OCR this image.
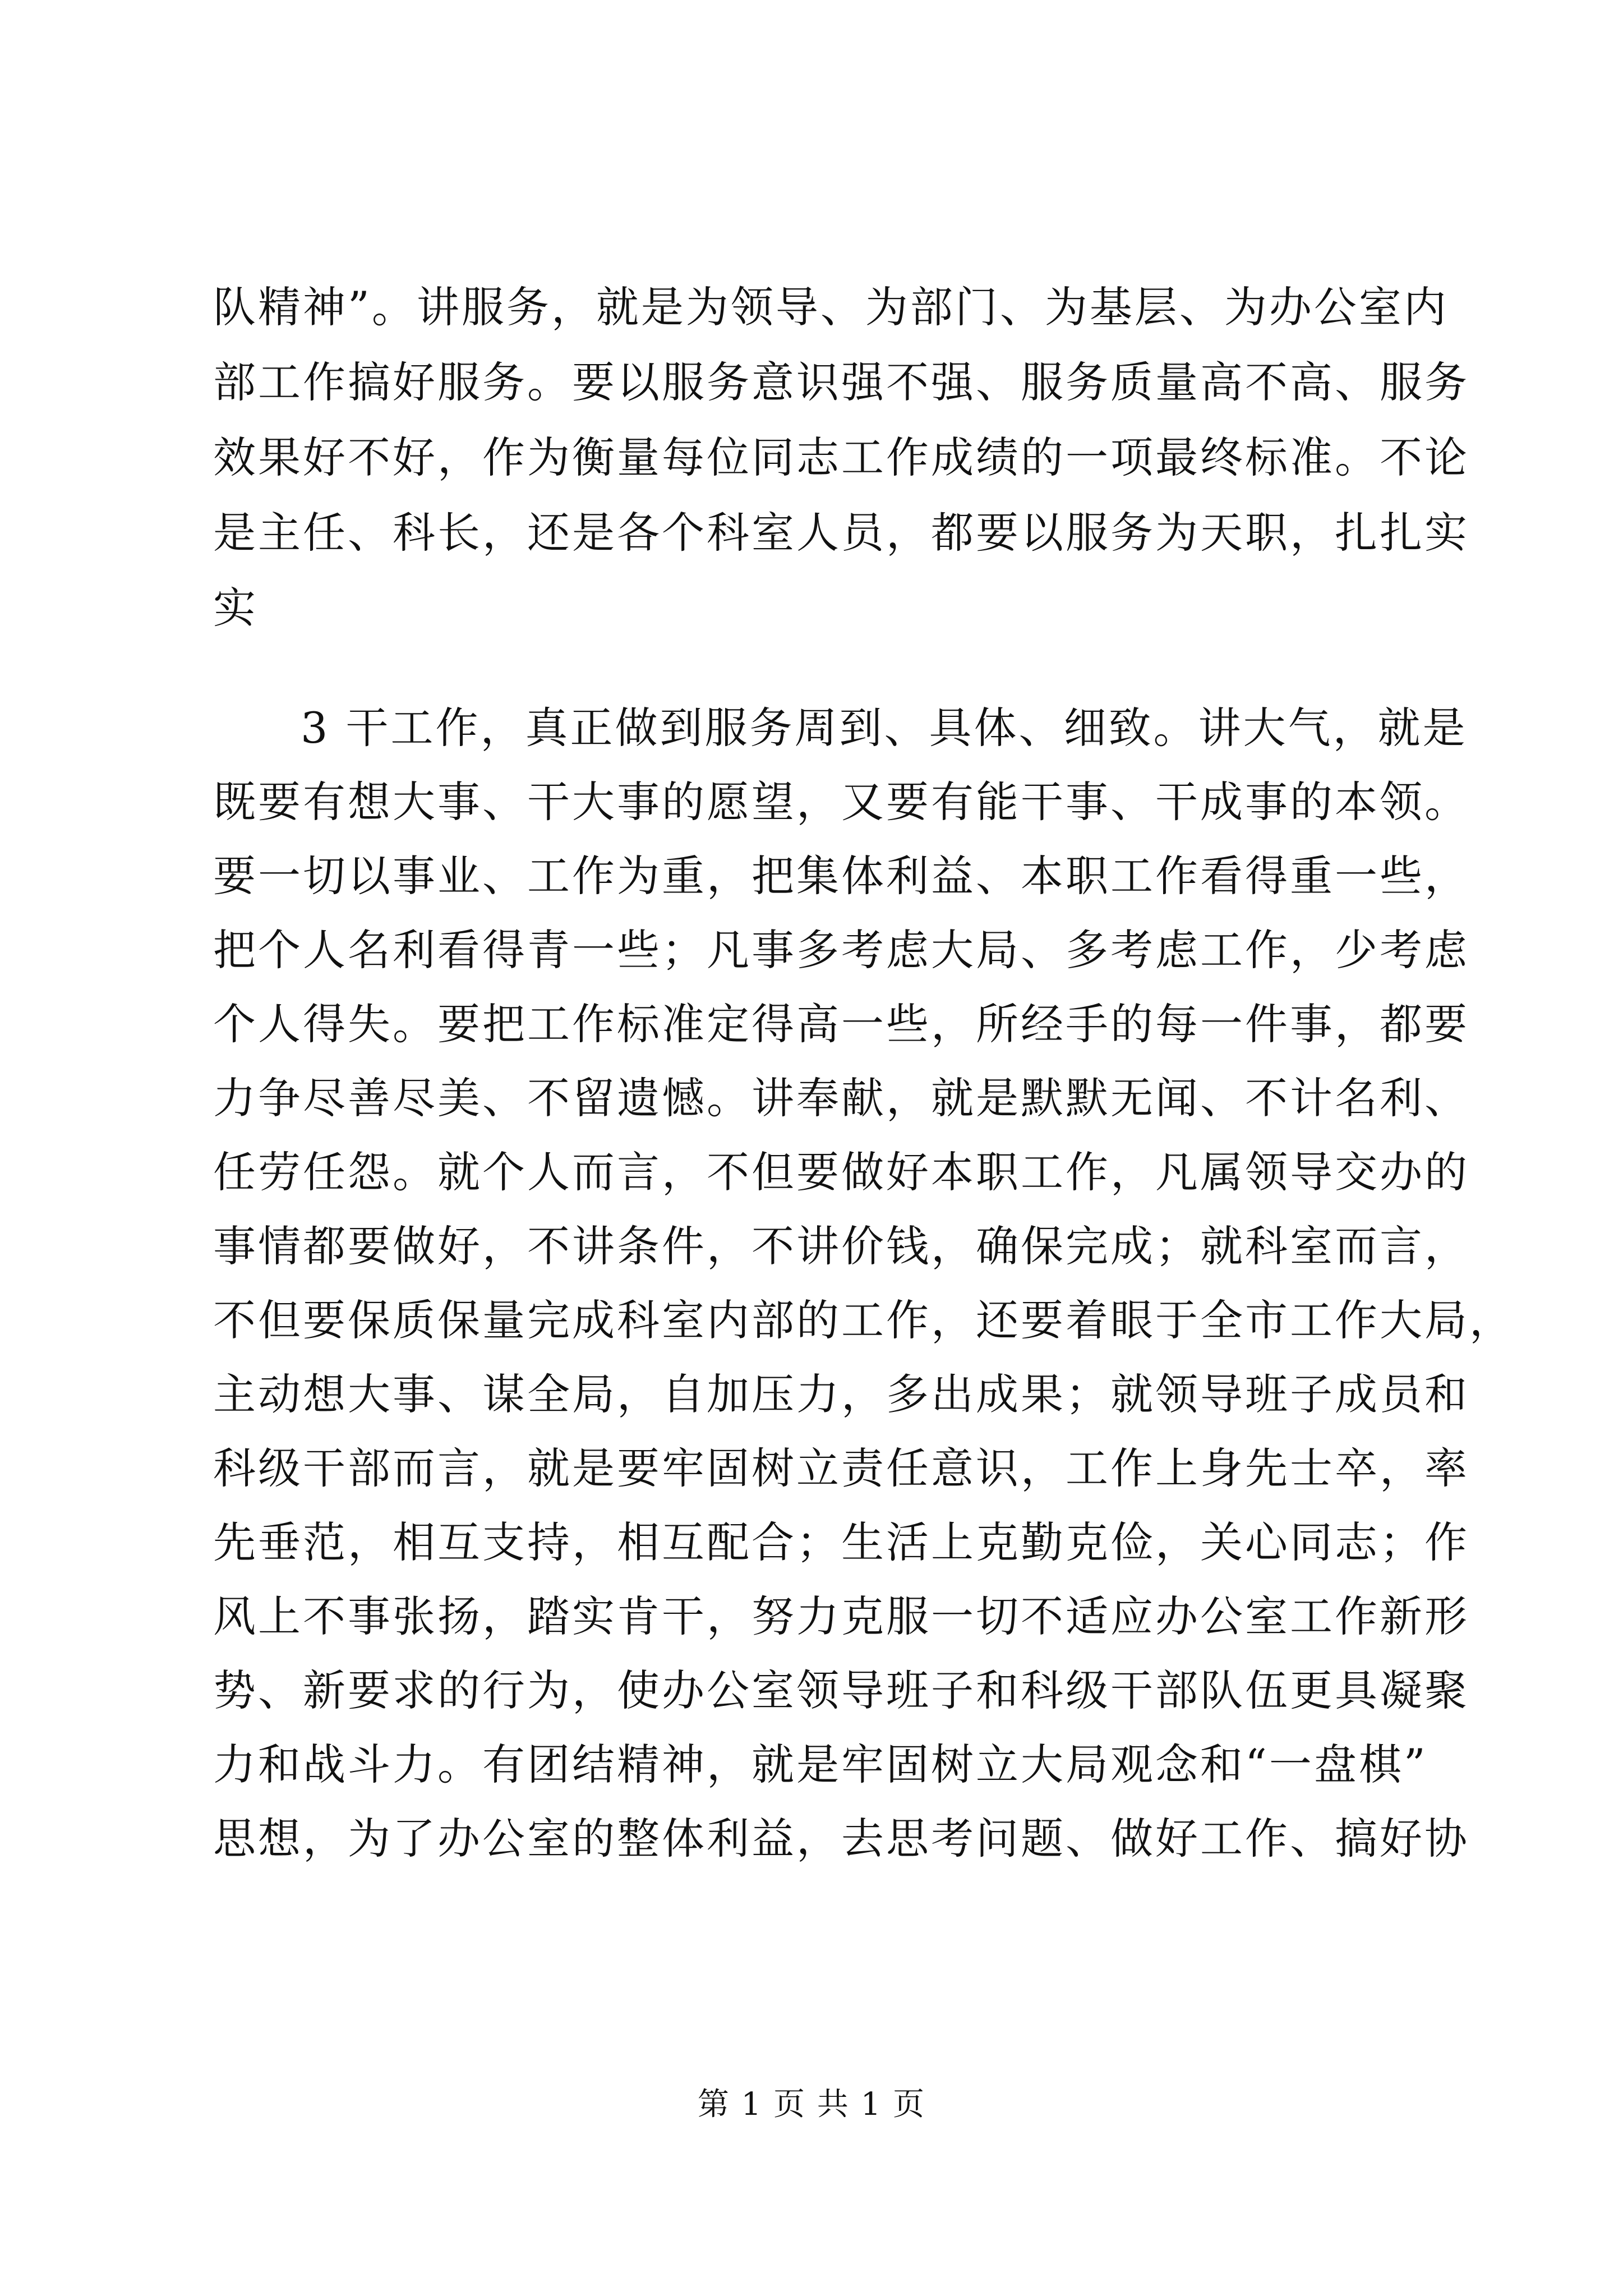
队精神”。讲服务，就是为领导、为部门、为基层、为办公室内
部工作搞好服务。要以服务意识强不强、服务质量高不高、服务
效果好不好，作为衡量每位同志工作成绩的一项最终标准。不论
是主任、科长，还是各个科室人员，都要以服务为天职，扎扎实
实
3 干工作，真正做到服务周到、具体、细致。讲大气，就是
既要有想大事、干大事的愿望，又要有能干事、干成事的本领。
要一切以事业、工作为重，把集体利益、本职工作看得重一些，
把个人名利看得青一些；凡事多考虑大局、多考虑工作，少考虑
个人得失。要把工作标准定得高一些，所经手的每一件事，都要
力争尽善尽美、不留遗憾。讲奉献，就是默默无闻、不计名利、
任劳任怨。就个人而言，不但要做好本职工作，凡属领导交办的
事情都要做好，不讲条件，不讲价钱，确保完成；就科室而言，
不但要保质保量完成科室内部的工作，还要着眼于全市工作大局，
主动想大事、谋全局，自加压力，多出成果；就领导班子成员和
科级干部而言，就是要牢固树立责任意识，工作上身先士卒，率
先垂范，相互支持，相互配合；生活上克勤克俭，关心同志；作
风上不事张扬，踏实肯干，努力克服一切不适应办公室工作新形
势、新要求的行为，使办公室领导班子和科级干部队伍更具凝聚
力和战斗力。有团结精神，就是牢固树立大局观念和“一盘棋”
思想，为了办公室的整体利益，去思考问题、做好工作、搞好协
第 1 页 共 1 页
